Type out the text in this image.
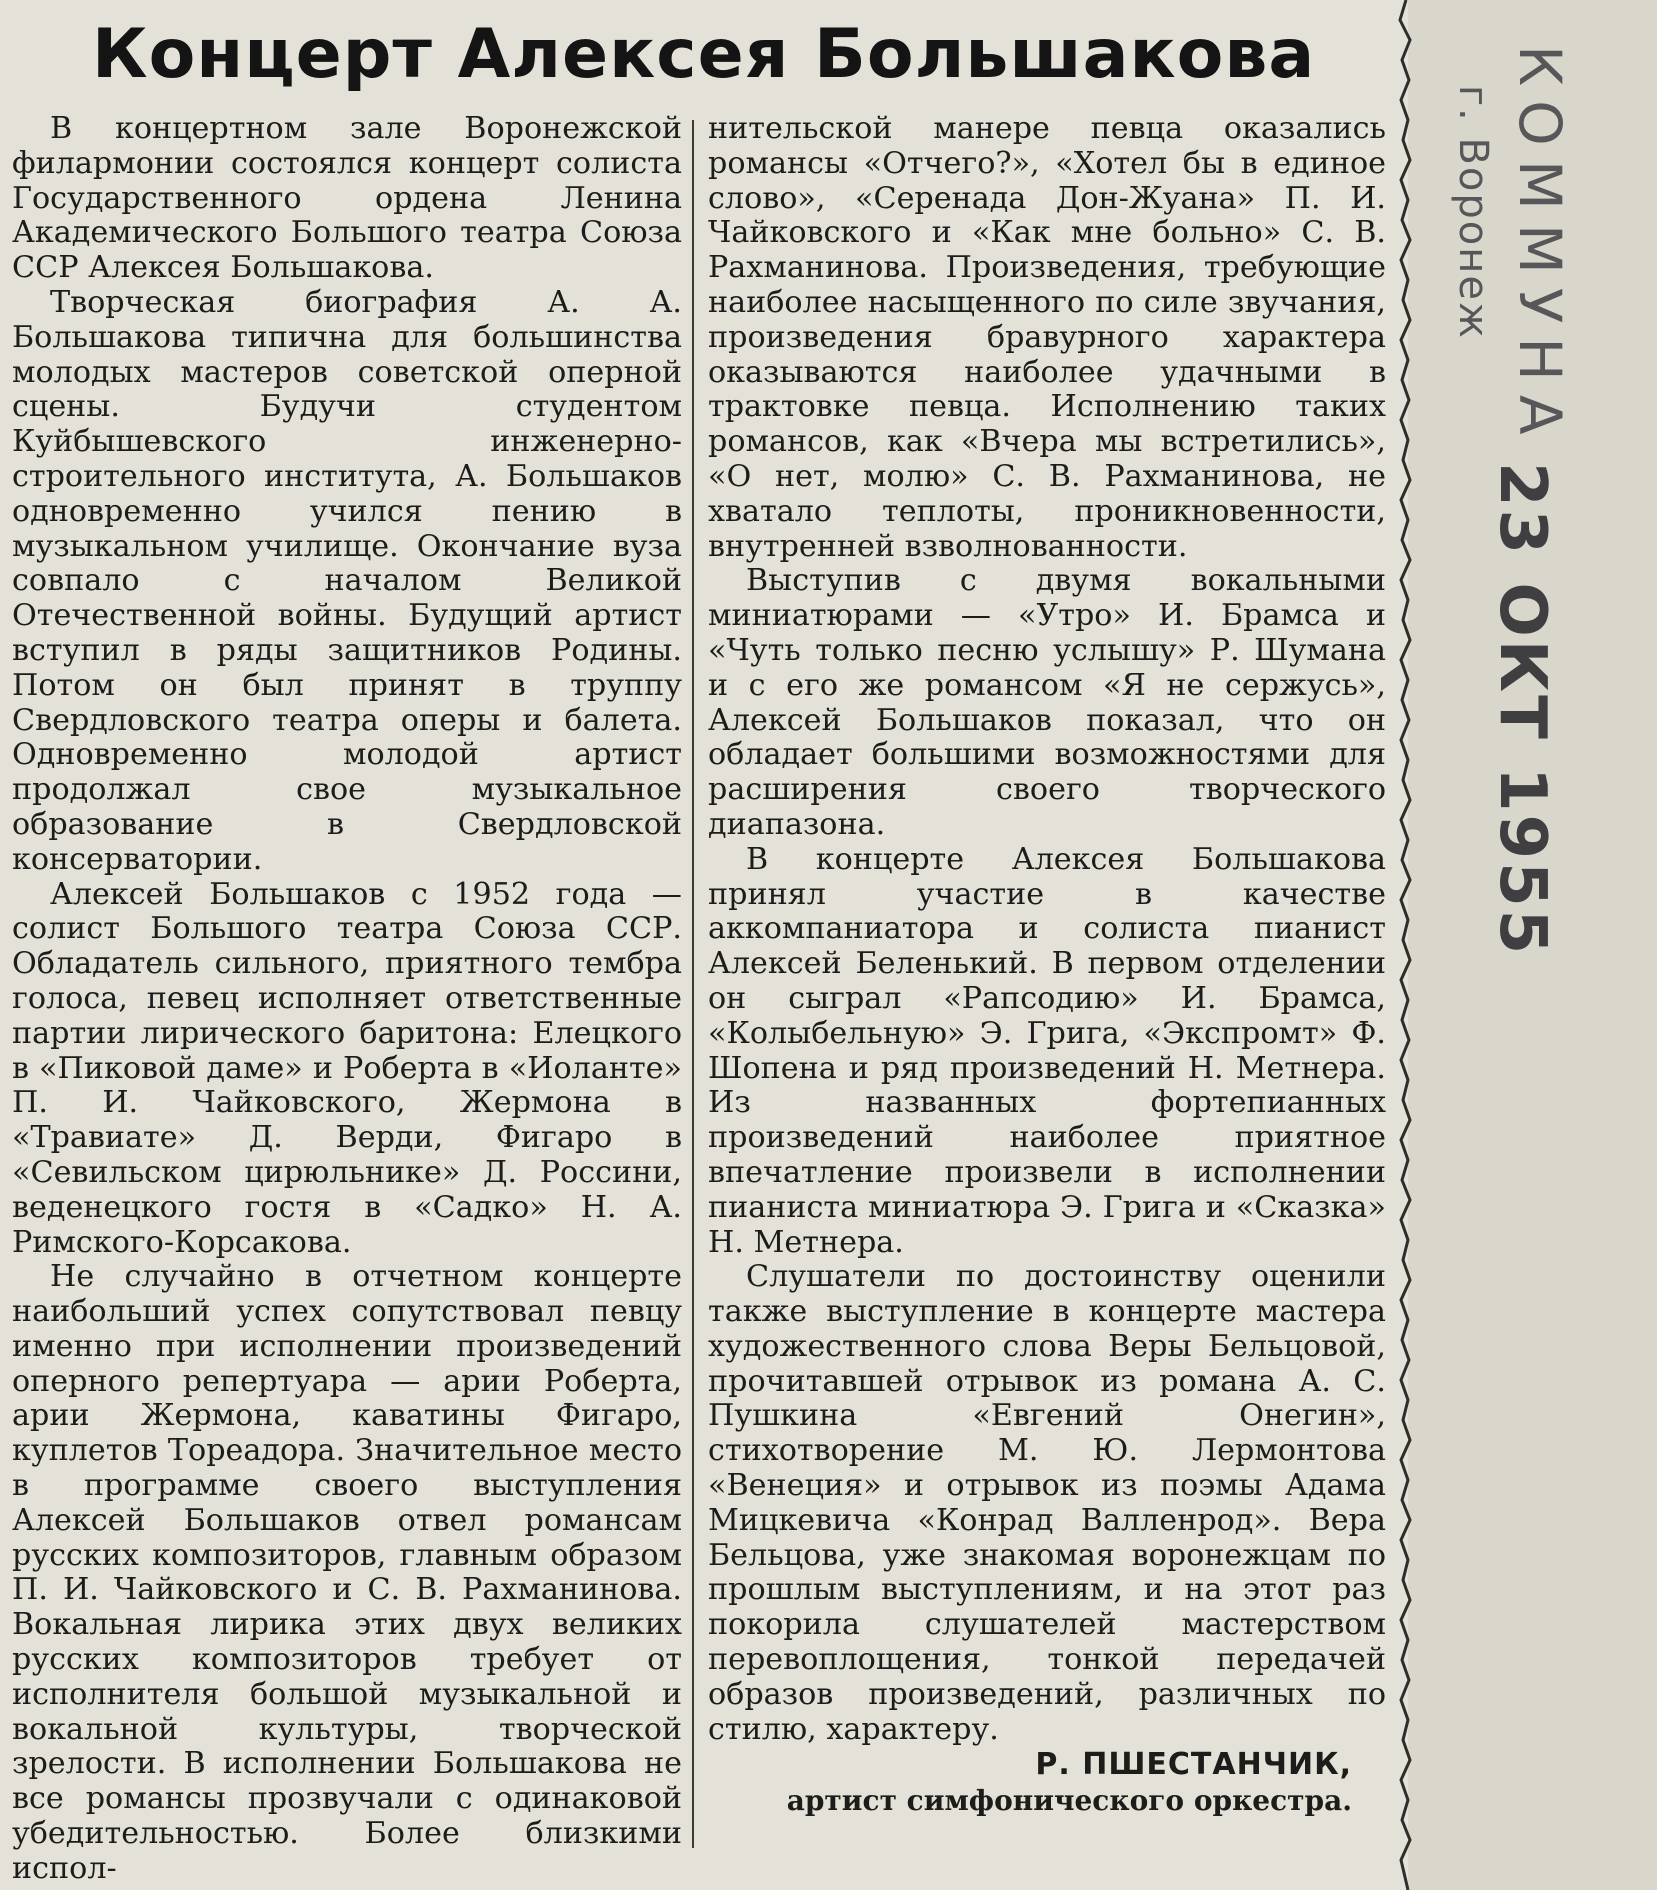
Концерт Алексея Большакова

В концертном зале Воронежской филармонии состоялся концерт солиста Государственного ордена Ленина Академического Большого театра Союза ССР Алексея Большакова.

Творческая биография А. А. Большакова типична для большинства молодых мастеров советской оперной сцены. Будучи студентом Куйбышевского инженерно-строительного института, А. Большаков одновременно учился пению в музыкальном училище. Окончание вуза совпало с началом Великой Отечественной войны. Будущий артист вступил в ряды защитников Родины. Потом он был принят в труппу Свердловского театра оперы и балета. Одновременно молодой артист продолжал свое музыкальное образование в Свердловской консерватории.

Алексей Большаков с 1952 года — солист Большого театра Союза ССР. Обладатель сильного, приятного тембра голоса, певец исполняет ответственные партии лирического баритона: Елецкого в «Пиковой даме» и Роберта в «Иоланте» П. И. Чайковского, Жермона в «Травиате» Д. Верди, Фигаро в «Севильском цирюльнике» Д. Россини, веденецкого гостя в «Садко» Н. А. Римского-Корсакова.

Не случайно в отчетном концерте наибольший успех сопутствовал певцу именно при исполнении произведений оперного репертуара — арии Роберта, арии Жермона, каватины Фигаро, куплетов Тореадора. Значительное место в программе своего выступления Алексей Большаков отвел романсам русских композиторов, главным образом П. И. Чайковского и С. В. Рахманинова. Вокальная лирика этих двух великих русских композиторов требует от исполнителя большой музыкальной и вокальной культуры, творческой зрелости. В исполнении Большакова не все романсы прозвучали с одинаковой убедительностью. Более близкими испол-

нительской манере певца оказались романсы «Отчего?», «Хотел бы в единое слово», «Серенада Дон-Жуана» П. И. Чайковского и «Как мне больно» С. В. Рахманинова. Произведения, требующие наиболее насыщенного по силе звучания, произведения бравурного характера оказываются наиболее удачными в трактовке певца. Исполнению таких романсов, как «Вчера мы встретились», «О нет, молю» С. В. Рахманинова, не хватало теплоты, проникновенности, внутренней взволнованности.

Выступив с двумя вокальными миниатюрами — «Утро» И. Брамса и «Чуть только песню услышу» Р. Шумана и с его же романсом «Я не сержусь», Алексей Большаков показал, что он обладает большими возможностями для расширения своего творческого диапазона.

В концерте Алексея Большакова принял участие в качестве аккомпаниатора и солиста пианист Алексей Беленький. В первом отделении он сыграл «Рапсодию» И. Брамса, «Колыбельную» Э. Грига, «Экспромт» Ф. Шопена и ряд произведений Н. Метнера. Из названных фортепианных произведений наиболее приятное впечатление произвели в исполнении пианиста миниатюра Э. Грига и «Сказка» Н. Метнера.

Слушатели по достоинству оценили также выступление в концерте мастера художественного слова Веры Бельцовой, прочитавшей отрывок из романа А. С. Пушкина «Евгений Онегин», стихотворение М. Ю. Лермонтова «Венеция» и отрывок из поэмы Адама Мицкевича «Конрад Валленрод». Вера Бельцова, уже знакомая воронежцам по прошлым выступлениям, и на этот раз покорила слушателей мастерством перевоплощения, тонкой передачей образов произведений, различных по стилю, характеру.

Р. ПШЕСТАНЧИК,
артист симфонического оркестра.
КОММУНА
г. Воронеж
23 ОКТ 1955
